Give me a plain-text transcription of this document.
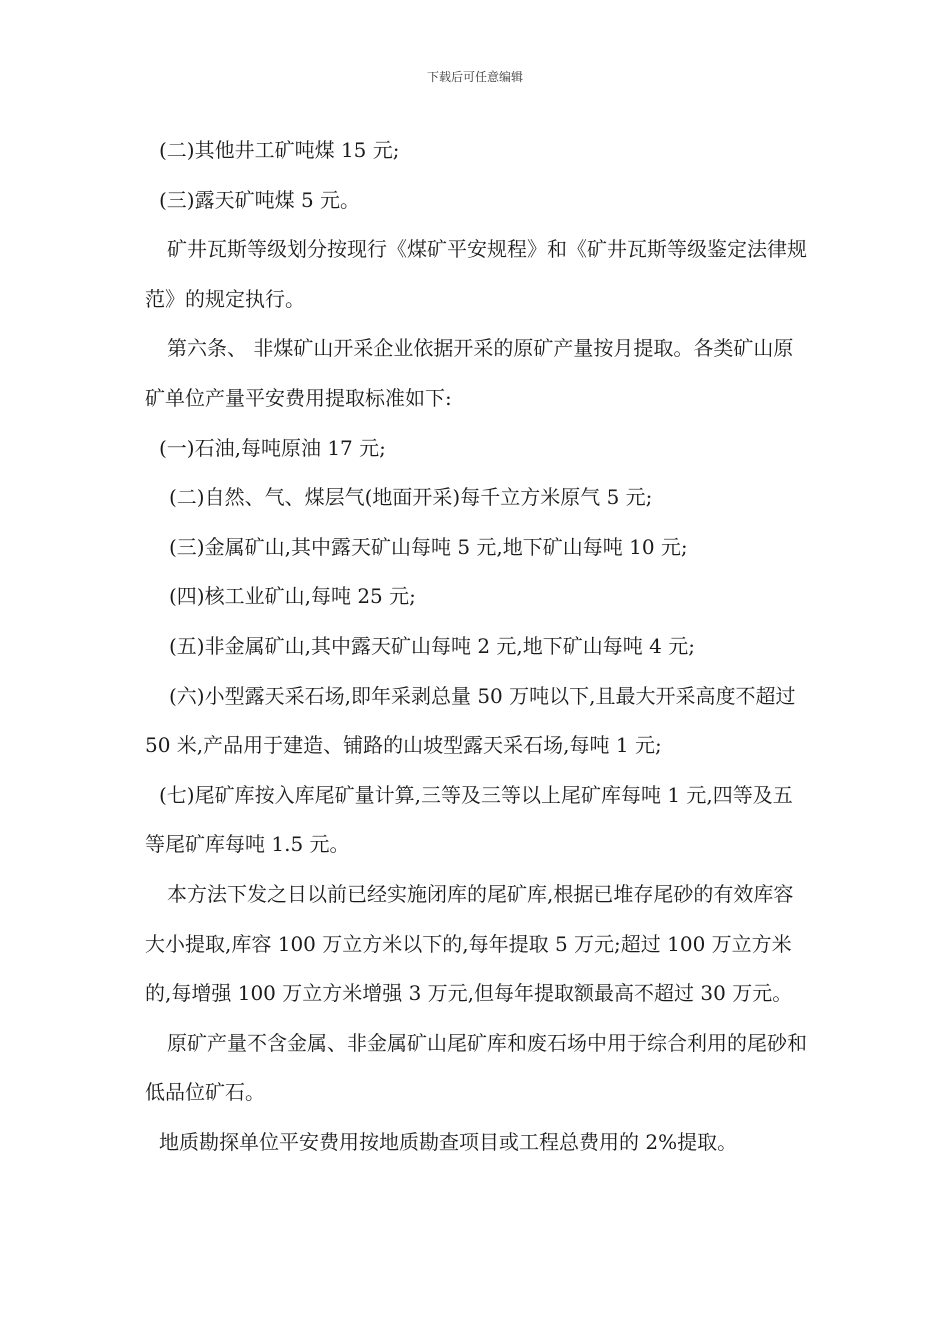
下载后可任意编辑

(二)其他井工矿吨煤 15 元;

(三)露天矿吨煤 5 元。

矿井瓦斯等级划分按现行《煤矿平安规程》和《矿井瓦斯等级鉴定法律规范》的规定执行。

第六条、 非煤矿山开采企业依据开采的原矿产量按月提取。各类矿山原矿单位产量平安费用提取标准如下:

(一)石油,每吨原油 17 元;

(二)自然、气、煤层气(地面开采)每千立方米原气 5 元;

(三)金属矿山,其中露天矿山每吨 5 元,地下矿山每吨 10 元;

(四)核工业矿山,每吨 25 元;

(五)非金属矿山,其中露天矿山每吨 2 元,地下矿山每吨 4 元;

(六)小型露天采石场,即年采剥总量 50 万吨以下,且最大开采高度不超过 50 米,产品用于建造、铺路的山坡型露天采石场,每吨 1 元;

(七)尾矿库按入库尾矿量计算,三等及三等以上尾矿库每吨 1 元,四等及五等尾矿库每吨 1.5 元。

本方法下发之日以前已经实施闭库的尾矿库,根据已堆存尾砂的有效库容大小提取,库容 100 万立方米以下的,每年提取 5 万元;超过 100 万立方米的,每增强 100 万立方米增强 3 万元,但每年提取额最高不超过 30 万元。

原矿产量不含金属、非金属矿山尾矿库和废石场中用于综合利用的尾砂和低品位矿石。

地质勘探单位平安费用按地质勘查项目或工程总费用的 2%提取。
